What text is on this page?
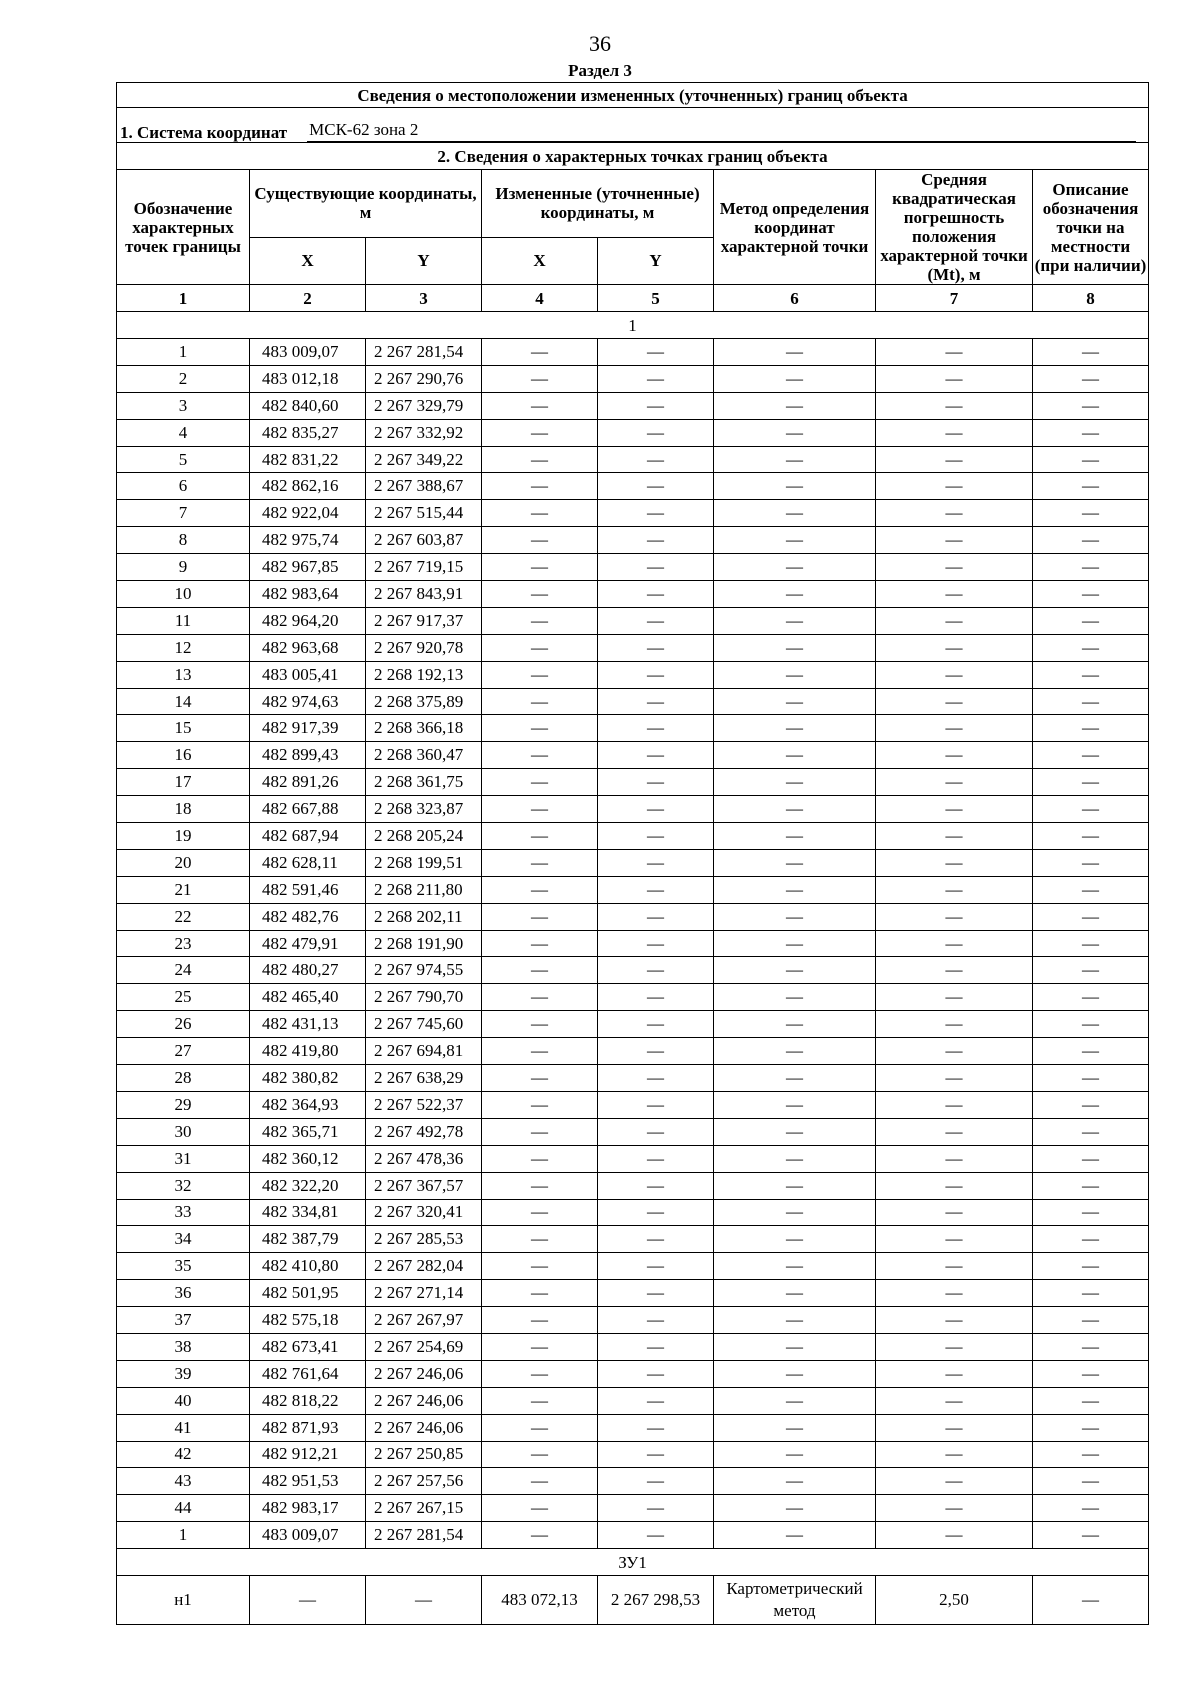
36
Раздел 3
Сведения о местоположении измененных (уточненных) границ объекта							

1. Система координат МСК-62 зона 2							

2. Сведения о характерных точках границ объекта							
Обозначение характерных точек границы	Существующие координаты, м		Измененные (уточненные) координаты, м		Метод определения координат характерной точки	Средняя квадратическая погрешность положения характерной точки (Mt), м	Описание обозначения точки на местности (при наличии)
	X	Y	X	Y			
1	2	3	4	5	6	7	8
1							
1	483 009,07	2 267 281,54	—	—	—	—	—
2	483 012,18	2 267 290,76	—	—	—	—	—
3	482 840,60	2 267 329,79	—	—	—	—	—
4	482 835,27	2 267 332,92	—	—	—	—	—
5	482 831,22	2 267 349,22	—	—	—	—	—
6	482 862,16	2 267 388,67	—	—	—	—	—
7	482 922,04	2 267 515,44	—	—	—	—	—
8	482 975,74	2 267 603,87	—	—	—	—	—
9	482 967,85	2 267 719,15	—	—	—	—	—
10	482 983,64	2 267 843,91	—	—	—	—	—
11	482 964,20	2 267 917,37	—	—	—	—	—
12	482 963,68	2 267 920,78	—	—	—	—	—
13	483 005,41	2 268 192,13	—	—	—	—	—
14	482 974,63	2 268 375,89	—	—	—	—	—
15	482 917,39	2 268 366,18	—	—	—	—	—
16	482 899,43	2 268 360,47	—	—	—	—	—
17	482 891,26	2 268 361,75	—	—	—	—	—
18	482 667,88	2 268 323,87	—	—	—	—	—
19	482 687,94	2 268 205,24	—	—	—	—	—
20	482 628,11	2 268 199,51	—	—	—	—	—
21	482 591,46	2 268 211,80	—	—	—	—	—
22	482 482,76	2 268 202,11	—	—	—	—	—
23	482 479,91	2 268 191,90	—	—	—	—	—
24	482 480,27	2 267 974,55	—	—	—	—	—
25	482 465,40	2 267 790,70	—	—	—	—	—
26	482 431,13	2 267 745,60	—	—	—	—	—
27	482 419,80	2 267 694,81	—	—	—	—	—
28	482 380,82	2 267 638,29	—	—	—	—	—
29	482 364,93	2 267 522,37	—	—	—	—	—
30	482 365,71	2 267 492,78	—	—	—	—	—
31	482 360,12	2 267 478,36	—	—	—	—	—
32	482 322,20	2 267 367,57	—	—	—	—	—
33	482 334,81	2 267 320,41	—	—	—	—	—
34	482 387,79	2 267 285,53	—	—	—	—	—
35	482 410,80	2 267 282,04	—	—	—	—	—
36	482 501,95	2 267 271,14	—	—	—	—	—
37	482 575,18	2 267 267,97	—	—	—	—	—
38	482 673,41	2 267 254,69	—	—	—	—	—
39	482 761,64	2 267 246,06	—	—	—	—	—
40	482 818,22	2 267 246,06	—	—	—	—	—
41	482 871,93	2 267 246,06	—	—	—	—	—
42	482 912,21	2 267 250,85	—	—	—	—	—
43	482 951,53	2 267 257,56	—	—	—	—	—
44	482 983,17	2 267 267,15	—	—	—	—	—
1	483 009,07	2 267 281,54	—	—	—	—	—
ЗУ1							
н1	—	—	483 072,13	2 267 298,53	Картометрический метод	2,50	—
